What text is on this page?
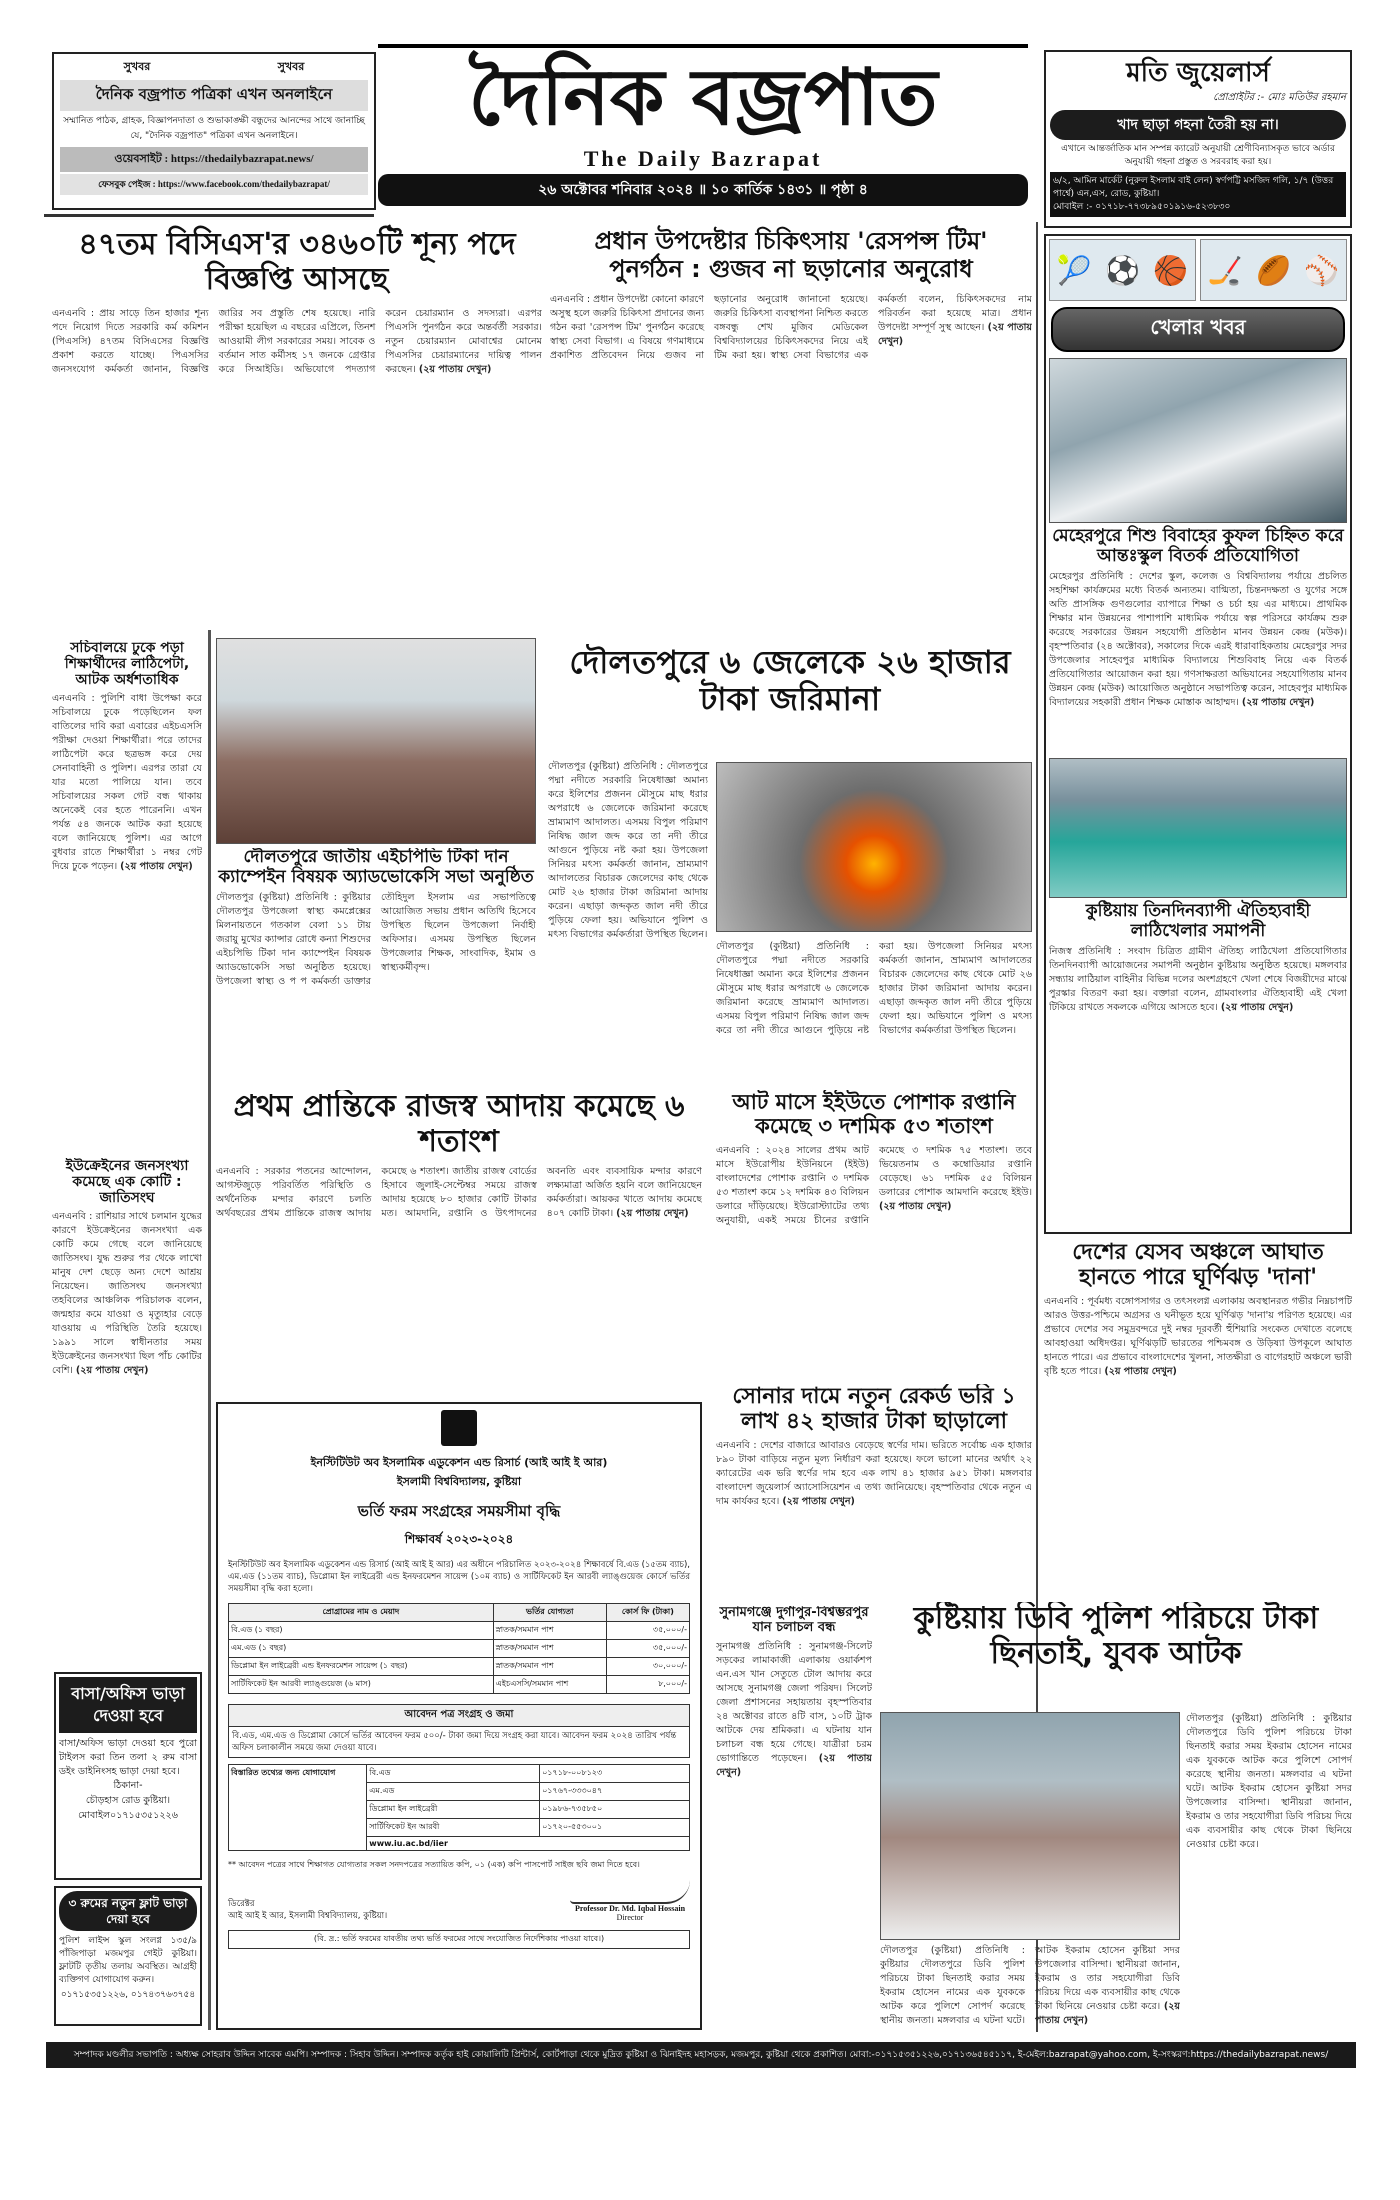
সুখবর	সুখবর
দৈনিক বজ্রপাত পত্রিকা এখন অনলাইনে
সম্মানিত পাঠক, গ্রাহক, বিজ্ঞাপনদাতা ও শুভাকাঙ্ক্ষী বন্ধুদের আনন্দের সাথে জানাচ্ছি যে, "দৈনিক বজ্রপাত" পত্রিকা এখন অনলাইনে।
ওয়েবসাইট : https://thedailybazrapat.news/
ফেসবুক পেইজ : https://www.facebook.com/thedailybazrapat/
দৈনিক বজ্রপাত
The Daily Bazrapat
২৬ অক্টোবর শনিবার ২০২৪ ॥ ১০ কার্তিক ১৪৩১ ॥ পৃষ্ঠা ৪
মতি জুয়েলার্স
প্রোপ্রাইটর :- মোঃ মতিউর রহমান
খাদ ছাড়া গহনা তৈরী হয় না।
এখানে আন্তর্জাতিক মান সম্পন্ন ক্যারেট অনুযায়ী শ্রেণীবিন্যাসকৃত ভাবে অর্ডার অনুযায়ী গহনা প্রস্তুত ও সরবরাহ করা হয়।
৬/২, আমিন মার্কেট (নুরুল ইসলাম বাই লেন) স্বর্ণপট্টি মসজিদ গলি, ১/৭ (উত্তর পার্শ্বে) এন,এস, রোড, কুষ্টিয়া।
মোবাইল :- ০১৭১৮-৭৭৩৮৯৫০১৯১৬-৫২৩৮৩০
৪৭তম বিসিএস'র ৩৪৬০টি শূন্য পদে বিজ্ঞপ্তি আসছে
এনএনবি : প্রায় সাড়ে তিন হাজার শূন্য পদে নিয়োগ দিতে সরকারি কর্ম কমিশন (পিএসসি) ৪৭তম বিসিএসের বিজ্ঞপ্তি প্রকাশ করতে যাচ্ছে। পিএসসির জনসংযোগ কর্মকর্তা জানান, বিজ্ঞপ্তি জারির সব প্রস্তুতি শেষ হয়েছে। নারি পরীক্ষা হয়েছিল এ বছরের এপ্রিলে, তিনশ আওয়ামী লীগ সরকারের সময়। সাবেক ও বর্তমান সাত কর্মীসহ ১৭ জনকে গ্রেপ্তার করে সিআইডি। অভিযোগে পদত্যাগ করেন চেয়ারম্যান ও সদস্যরা। এরপর পিএসসি পুনর্গঠন করে অন্তর্বর্তী সরকার। নতুন চেয়ারম্যান মোবাশ্বের মোনেম পিএসসির চেয়ারম্যানের দায়িত্ব পালন করছেন। (২য় পাতায় দেখুন)
প্রধান উপদেষ্টার চিকিৎসায় 'রেসপন্স টিম' পুনর্গঠন : গুজব না ছড়ানোর অনুরোধ
এনএনবি : প্রধান উপদেষ্টা কোনো কারণে অসুস্থ হলে জরুরি চিকিৎসা প্রদানের জন্য গঠন করা 'রেসপন্স টিম' পুনর্গঠন করেছে স্বাস্থ্য সেবা বিভাগ। এ বিষয়ে গণমাধ্যমে প্রকাশিত প্রতিবেদন নিয়ে গুজব না ছড়ানোর অনুরোধ জানানো হয়েছে। জরুরি চিকিৎসা ব্যবস্থাপনা নিশ্চিত করতে বঙ্গবন্ধু শেখ মুজিব মেডিকেল বিশ্ববিদ্যালয়ের চিকিৎসকদের নিয়ে এই টিম করা হয়। স্বাস্থ্য সেবা বিভাগের এক কর্মকর্তা বলেন, চিকিৎসকদের নাম পরিবর্তন করা হয়েছে মাত্র। প্রধান উপদেষ্টা সম্পূর্ণ সুস্থ আছেন। (২য় পাতায় দেখুন)
🎾 ⚽ 🏀 🏒 🏉 ⚾
খেলার খবর
মেহেরপুরে শিশু বিবাহের কুফল চিহ্নিত করে আন্তঃস্কুল বিতর্ক প্রতিযোগিতা
মেহেরপুর প্রতিনিধি : দেশের স্কুল, কলেজ ও বিশ্ববিদ্যালয় পর্যায়ে প্রচলিত সহশিক্ষা কার্যক্রমের মধ্যে বিতর্ক অন্যতম। বাগ্মিতা, চিন্তনদক্ষতা ও যুগের সঙ্গে অতি প্রাসঙ্গিক গুণগুলোর ব্যাপারে শিক্ষা ও চর্চা হয় এর মাধ্যমে। প্রাথমিক শিক্ষার মান উন্নয়নের পাশাপাশি মাধ্যমিক পর্যায়ে স্বল্প পরিসরে কার্যক্রম শুরু করেছে সরকারের উন্নয়ন সহযোগী প্রতিষ্ঠান মানব উন্নয়ন কেন্দ্র (মউক)। বৃহস্পতিবার (২৪ অক্টোবর), সকালের দিকে এরই ধারাবাহিকতায় মেহেরপুর সদর উপজেলার সাহেবপুর মাধ্যমিক বিদ্যালয়ে শিশুবিবাহ নিয়ে এক বিতর্ক প্রতিযোগিতার আয়োজন করা হয়। গণসাক্ষরতা অভিযানের সহযোগিতায় মানব উন্নয়ন কেন্দ্র (মউক) আয়োজিত অনুষ্ঠানে সভাপতিত্ব করেন, সাহেবপুর মাধ্যমিক বিদ্যালয়ের সহকারী প্রধান শিক্ষক মোস্তাক আহাম্মদ। (২য় পাতায় দেখুন)
কুষ্টিয়ায় তিনদিনব্যাপী ঐতিহ্যবাহী লাঠিখেলার সমাপনী
নিজস্ব প্রতিনিধি : সংবাদ চিত্রিত গ্রামীণ ঐতিহ্য লাঠিখেলা প্রতিযোগিতার তিনদিনব্যাপী আয়োজনের সমাপনী অনুষ্ঠান কুষ্টিয়ায় অনুষ্ঠিত হয়েছে। মঙ্গলবার সন্ধ্যায় লাঠিয়াল বাহিনীর বিভিন্ন দলের অংশগ্রহণে খেলা শেষে বিজয়ীদের মাঝে পুরস্কার বিতরণ করা হয়। বক্তারা বলেন, গ্রামবাংলার ঐতিহ্যবাহী এই খেলা টিকিয়ে রাখতে সকলকে এগিয়ে আসতে হবে। (২য় পাতায় দেখুন)
সচিবালয়ে ঢুকে পড়া শিক্ষার্থীদের লাঠিপেটা, আটক অর্ধশতাধিক
এনএনবি : পুলিশি বাধা উপেক্ষা করে সচিবালয়ে ঢুকে পড়েছিলেন ফল বাতিলের দাবি করা এবারের এইচএসসি পরীক্ষা দেওয়া শিক্ষার্থীরা। পরে তাদের লাঠিপেটা করে ছত্রভঙ্গ করে দেয় সেনাবাহিনী ও পুলিশ। এরপর তারা যে যার মতো পালিয়ে যান। তবে সচিবালয়ের সকল গেট বন্ধ থাকায় অনেকেই বের হতে পারেননি। এখন পর্যন্ত ৫৪ জনকে আটক করা হয়েছে বলে জানিয়েছে পুলিশ। এর আগে বুধবার রাতে শিক্ষার্থীরা ১ নম্বর গেট দিয়ে ঢুকে পড়েন। (২য় পাতায় দেখুন)
ইউক্রেইনের জনসংখ্যা কমেছে এক কোটি : জাতিসংঘ
এনএনবি : রাশিয়ার সাথে চলমান যুদ্ধের কারণে ইউক্রেইনের জনসংখ্যা এক কোটি কমে গেছে বলে জানিয়েছে জাতিসংঘ। যুদ্ধ শুরুর পর থেকে লাখো মানুষ দেশ ছেড়ে অন্য দেশে আশ্রয় নিয়েছেন। জাতিসংঘ জনসংখ্যা তহবিলের আঞ্চলিক পরিচালক বলেন, জন্মহার কমে যাওয়া ও মৃত্যুহার বেড়ে যাওয়ায় এ পরিস্থিতি তৈরি হয়েছে। ১৯৯১ সালে স্বাধীনতার সময় ইউক্রেইনের জনসংখ্যা ছিল পাঁচ কোটির বেশি। (২য় পাতায় দেখুন)
বাসা/অফিস ভাড়া দেওয়া হবে
বাসা/অফিস ভাড়া দেওয়া হবে পুরো টাইলস করা তিন তলা ২ রুম বাসা ডইং ডাইনিংসহ ভাড়া দেয়া হবে।
ঠিকানা-
চৌড়হাস রোড কুষ্টিয়া।
মোবাইল০১৭১৫৩৫১২২৬
৩ রুমের নতুন ফ্লাট ভাড়া দেয়া হবে
পুলিশ লাইন্স স্কুল সংলগ্ন ১৩৫/৯ পাঁজিপাড়া মজমপুর গেইট কুষ্টিয়া। ফ্লাটটি তৃতীয় তলায় অবস্থিত। আগ্রহী ব্যক্তিগণ যোগাযোগ করুন।
০১৭১৫৩৫১২২৬, ০১৭৪৩৭৬৩৭৫৪
দৌলতপুরে জাতীয় এইচপিভি টিকা দান ক্যাম্পেইন বিষয়ক অ্যাডভোকেসি সভা অনুষ্ঠিত
দৌলতপুর (কুষ্টিয়া) প্রতিনিধি : কুষ্টিয়ার দৌলতপুর উপজেলা স্বাস্থ্য কমপ্লেক্সের মিলনায়তনে গতকাল বেলা ১১ টায় জরায়ু মুখের ক্যান্সার রোধে কন্যা শিশুদের এইচপিভি টিকা দান ক্যাম্পেইন বিষয়ক অ্যাডভোকেসি সভা অনুষ্ঠিত হয়েছে। উপজেলা স্বাস্থ্য ও প প কর্মকর্তা ডাক্তার তৌহিদুল ইসলাম এর সভাপতিত্বে আয়োজিত সভায় প্রধান অতিথি হিসেবে উপস্থিত ছিলেন উপজেলা নির্বাহী অফিসার। এসময় উপস্থিত ছিলেন উপজেলার শিক্ষক, সাংবাদিক, ইমাম ও স্বাস্থ্যকর্মীবৃন্দ।
দৌলতপুরে ৬ জেলেকে ২৬ হাজার টাকা জরিমানা
দৌলতপুর (কুষ্টিয়া) প্রতিনিধি : দৌলতপুরে পদ্মা নদীতে সরকারি নিষেধাজ্ঞা অমান্য করে ইলিশের প্রজনন মৌসুমে মাছ ধরার অপরাধে ৬ জেলেকে জরিমানা করেছে ভ্রাম্যমাণ আদালত। এসময় বিপুল পরিমাণ নিষিদ্ধ জাল জব্দ করে তা নদী তীরে আগুনে পুড়িয়ে নষ্ট করা হয়। উপজেলা সিনিয়র মৎস্য কর্মকর্তা জানান, ভ্রাম্যমাণ আদালতের বিচারক জেলেদের কাছ থেকে মোট ২৬ হাজার টাকা জরিমানা আদায় করেন। এছাড়া জব্দকৃত জাল নদী তীরে পুড়িয়ে ফেলা হয়। অভিযানে পুলিশ ও মৎস্য বিভাগের কর্মকর্তারা উপস্থিত ছিলেন।
দৌলতপুর (কুষ্টিয়া) প্রতিনিধি : দৌলতপুরে পদ্মা নদীতে সরকারি নিষেধাজ্ঞা অমান্য করে ইলিশের প্রজনন মৌসুমে মাছ ধরার অপরাধে ৬ জেলেকে জরিমানা করেছে ভ্রাম্যমাণ আদালত। এসময় বিপুল পরিমাণ নিষিদ্ধ জাল জব্দ করে তা নদী তীরে আগুনে পুড়িয়ে নষ্ট করা হয়। উপজেলা সিনিয়র মৎস্য কর্মকর্তা জানান, ভ্রাম্যমাণ আদালতের বিচারক জেলেদের কাছ থেকে মোট ২৬ হাজার টাকা জরিমানা আদায় করেন। এছাড়া জব্দকৃত জাল নদী তীরে পুড়িয়ে ফেলা হয়। অভিযানে পুলিশ ও মৎস্য বিভাগের কর্মকর্তারা উপস্থিত ছিলেন।
প্রথম প্রান্তিকে রাজস্ব আদায় কমেছে ৬ শতাংশ
এনএনবি : সরকার পতনের আন্দোলন, আগস্টজুড়ে পরিবর্তিত পরিস্থিতি ও অর্থনৈতিক মন্দার কারণে চলতি অর্থবছরের প্রথম প্রান্তিকে রাজস্ব আদায় কমেছে ৬ শতাংশ। জাতীয় রাজস্ব বোর্ডের হিসাবে জুলাই-সেপ্টেম্বর সময়ে রাজস্ব আদায় হয়েছে ৮০ হাজার কোটি টাকার মত। আমদানি, রপ্তানি ও উৎপাদনের অবনতি এবং ব্যবসায়িক মন্দার কারণে লক্ষ্যমাত্রা অর্জিত হয়নি বলে জানিয়েছেন কর্মকর্তারা। আয়কর খাতে আদায় কমেছে ৪০৭ কোটি টাকা। (২য় পাতায় দেখুন)
আট মাসে ইইউতে পোশাক রপ্তানি কমেছে ৩ দশমিক ৫৩ শতাংশ
এনএনবি : ২০২৪ সালের প্রথম আট মাসে ইউরোপীয় ইউনিয়নে (ইইউ) বাংলাদেশের পোশাক রপ্তানি ৩ দশমিক ৫৩ শতাংশ কমে ১২ দশমিক ৪৩ বিলিয়ন ডলারে দাঁড়িয়েছে। ইউরোস্ট্যাটের তথ্য অনুযায়ী, একই সময়ে চীনের রপ্তানি কমেছে ৩ দশমিক ৭৫ শতাংশ। তবে ভিয়েতনাম ও কম্বোডিয়ার রপ্তানি বেড়েছে। ৬১ দশমিক ৫৫ বিলিয়ন ডলারের পোশাক আমদানি করেছে ইইউ। (২য় পাতায় দেখুন)
ইনস্টিটিউট অব ইসলামিক এডুকেশন এন্ড রিসার্চ (আই আই ই আর)
ইসলামী বিশ্ববিদ্যালয়, কুষ্টিয়া
ভর্তি ফরম সংগ্রহের সময়সীমা বৃদ্ধি
শিক্ষাবর্ষ ২০২৩-২০২৪
ইনস্টিটিউট অব ইসলামিক এডুকেশন এন্ড রিসার্চ (আই আই ই আর) এর অধীনে পরিচালিত ২০২৩-২০২৪ শিক্ষাবর্ষে বি.এড (১৫তম ব্যাচ), এম.এড (১১তম ব্যাচ), ডিপ্লোমা ইন লাইব্রেরী এন্ড ইনফরমেশন সায়েন্স (১০ম ব্যাচ) ও সার্টিফিকেট ইন আরবী ল্যাঙ্গুয়েজ কোর্সে ভর্তির সময়সীমা বৃদ্ধি করা হলো।
প্রোগ্রামের নাম ও মেয়াদ	ভর্তির যোগ্যতা	কোর্স ফি (টাকা)
বি.এড (১ বছর)	স্নাতক/সমমান পাশ	৩৫,০০০/-
এম.এড (১ বছর)	স্নাতক/সমমান পাশ	৩৫,০০০/-
ডিপ্লোমা ইন লাইব্রেরী এন্ড ইনফরমেশন সায়েন্স (১ বছর)	স্নাতক/সমমান পাশ	৩০,০০০/-
সার্টিফিকেট ইন আরবী ল্যাঙ্গুয়েজ (৬ মাস)	এইচএসসি/সমমান পাশ	৮,০০০/-
আবেদন পত্র সংগ্রহ ও জমা
বি.এড, এম.এড ও ডিপ্লোমা কোর্সে ভর্তির আবেদন ফরম ৫০০/- টাকা জমা দিয়ে সংগ্রহ করা যাবে। আবেদন ফরম ২০২৪ তারিখ পর্যন্ত অফিস চলাকালীন সময়ে জমা দেওয়া যাবে।
বিস্তারিত তথ্যের জন্য যোগাযোগ	বি.এড	০১৭১৮-০০৮১২৩
	এম.এড	০১৭৬৭-৩৩৩০৪৭
	ডিপ্লোমা ইন লাইব্রেরী	০১৯৮৬-৭৩৫৮৫০
	সার্টিফিকেট ইন আরবী	০১৭২০-৫৫৩০০১
	www.iu.ac.bd/iier	
** আবেদন পত্রের সাথে শিক্ষাগত যোগ্যতার সকল সনদপত্রের সত্যায়িত কপি, ০১ (এক) কপি পাসপোর্ট সাইজ ছবি জমা দিতে হবে।
ডিরেক্টর
আই আই ই আর, ইসলামী বিশ্ববিদ্যালয়, কুষ্টিয়া।
Professor Dr. Md. Iqbal Hossain
Director
(বি. দ্র.: ভর্তি ফরমের যাবতীয় তথ্য ভর্তি ফরমের সাথে সংযোজিত নির্দেশিকায় পাওয়া যাবে।)
সোনার দামে নতুন রেকর্ড ভরি ১ লাখ ৪২ হাজার টাকা ছাড়ালো
এনএনবি : দেশের বাজারে আবারও বেড়েছে স্বর্ণের দাম। ভরিতে সর্বোচ্চ এক হাজার ৮৯০ টাকা বাড়িয়ে নতুন মূল্য নির্ধারণ করা হয়েছে। ফলে ভালো মানের অর্থাৎ ২২ ক্যারেটের এক ভরি স্বর্ণের দাম হবে এক লাখ ৪১ হাজার ৯৫১ টাকা। মঙ্গলবার বাংলাদেশ জুয়েলার্স অ্যাসোসিয়েশন এ তথ্য জানিয়েছে। বৃহস্পতিবার থেকে নতুন এ দাম কার্যকর হবে। (২য় পাতায় দেখুন)
সুনামগঞ্জে দুর্গাপুর-বিশ্বম্ভরপুর যান চলাচল বন্ধ
সুনামগঞ্জ প্রতিনিধি : সুনামগঞ্জ-সিলেট সড়কের লামাকাজী এলাকায় ওয়ার্কশপ এন.এস খান সেতুতে টোল আদায় করে আসছে সুনামগঞ্জ জেলা পরিষদ। সিলেট জেলা প্রশাসনের সহায়তায় বৃহস্পতিবার ২৪ অক্টোবর রাতে ৪টি বাস, ১০টি ট্রাক আটকে দেয় শ্রমিকরা। এ ঘটনায় যান চলাচল বন্ধ হয়ে গেছে। যাত্রীরা চরম ভোগান্তিতে পড়েছেন। (২য় পাতায় দেখুন)
দেশের যেসব অঞ্চলে আঘাত হানতে পারে ঘূর্ণিঝড় 'দানা'
এনএনবি : পূর্বমধ্য বঙ্গোপসাগর ও তৎসংলগ্ন এলাকায় অবস্থানরত গভীর নিম্নচাপটি আরও উত্তর-পশ্চিমে অগ্রসর ও ঘনীভূত হয়ে ঘূর্ণিঝড় 'দানা'য় পরিণত হয়েছে। এর প্রভাবে দেশের সব সমুদ্রবন্দরে দুই নম্বর দূরবর্তী হুঁশিয়ারি সংকেত দেখাতে বলেছে আবহাওয়া অধিদপ্তর। ঘূর্ণিঝড়টি ভারতের পশ্চিমবঙ্গ ও উড়িষ্যা উপকূলে আঘাত হানতে পারে। এর প্রভাবে বাংলাদেশের খুলনা, সাতক্ষীরা ও বাগেরহাট অঞ্চলে ভারী বৃষ্টি হতে পারে। (২য় পাতায় দেখুন)
কুষ্টিয়ায় ডিবি পুলিশ পরিচয়ে টাকা ছিনতাই, যুবক আটক
দৌলতপুর (কুষ্টিয়া) প্রতিনিধি : কুষ্টিয়ার দৌলতপুরে ডিবি পুলিশ পরিচয়ে টাকা ছিনতাই করার সময় ইকরাম হোসেন নামের এক যুবককে আটক করে পুলিশে সোপর্দ করেছে স্থানীয় জনতা। মঙ্গলবার এ ঘটনা ঘটে। আটক ইকরাম হোসেন কুষ্টিয়া সদর উপজেলার বাসিন্দা। স্থানীয়রা জানান, ইকরাম ও তার সহযোগীরা ডিবি পরিচয় দিয়ে এক ব্যবসায়ীর কাছ থেকে টাকা ছিনিয়ে নেওয়ার চেষ্টা করে।
দৌলতপুর (কুষ্টিয়া) প্রতিনিধি : কুষ্টিয়ার দৌলতপুরে ডিবি পুলিশ পরিচয়ে টাকা ছিনতাই করার সময় ইকরাম হোসেন নামের এক যুবককে আটক করে পুলিশে সোপর্দ করেছে স্থানীয় জনতা। মঙ্গলবার এ ঘটনা ঘটে। আটক ইকরাম হোসেন কুষ্টিয়া সদর উপজেলার বাসিন্দা। স্থানীয়রা জানান, ইকরাম ও তার সহযোগীরা ডিবি পরিচয় দিয়ে এক ব্যবসায়ীর কাছ থেকে টাকা ছিনিয়ে নেওয়ার চেষ্টা করে। (২য় পাতায় দেখুন)
সম্পাদক মণ্ডলীর সভাপতি : অধ্যক্ষ সোহরাব উদ্দিন সাবেক এমপি। সম্পাদক : সিহাব উদ্দিন। সম্পাদক কর্তৃক হাই কোয়ালিটি প্রিন্টার্স, কোর্টপাড়া থেকে মুদ্রিত কুষ্টিয়া ও ঝিনাইদহ মহাসড়ক, মজমপুর, কুষ্টিয়া থেকে প্রকাশিত। মোবা:-০১৭১৫৩৫১২২৬,০১৭১৩৬৫৪৫১১৭, ই-মেইল:bazrapat@yahoo.com, ই-সংস্করণ:https://thedailybazrapat.news/
